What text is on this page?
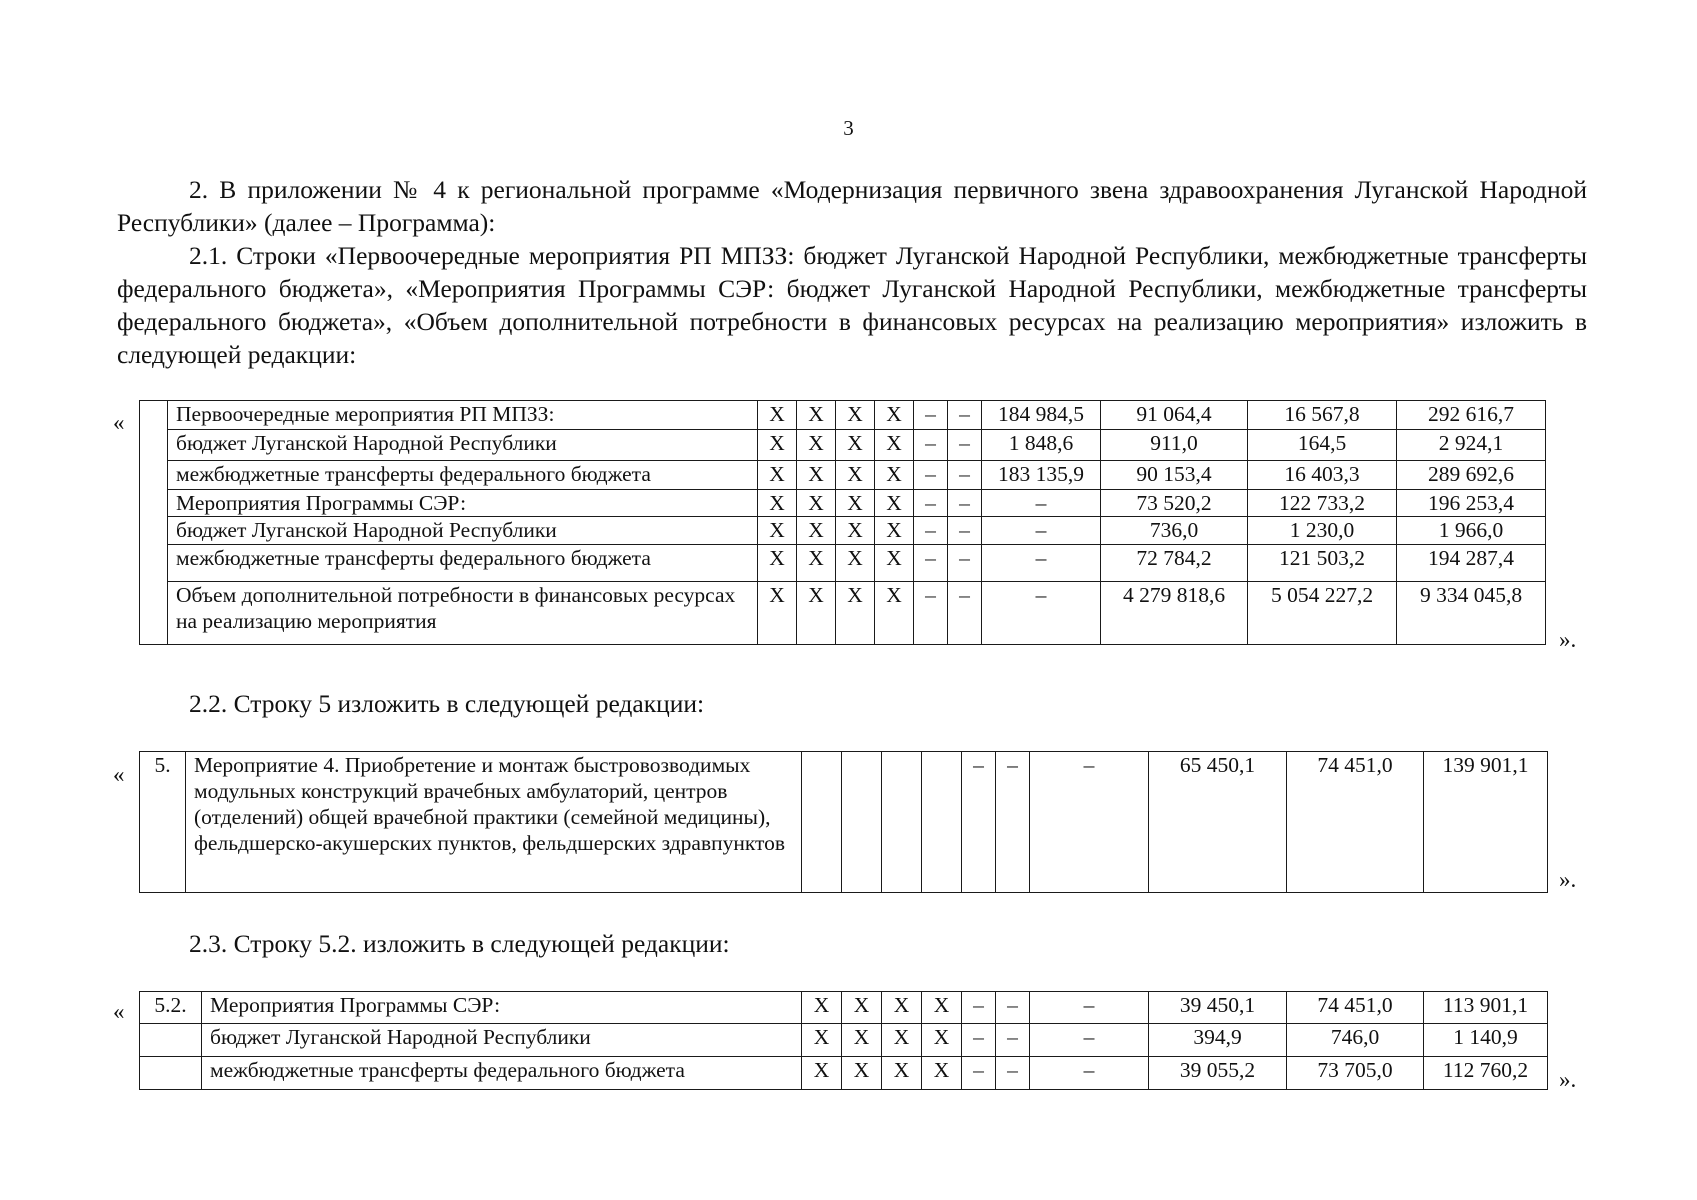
3

2. В приложении № 4 к региональной программе «Модернизация первичного звена здравоохранения Луганской Народной Республики» (далее – Программа):

2.1. Строки «Первоочередные мероприятия РП МПЗЗ: бюджет Луганской Народной Республики, межбюджетные трансферты федерального бюджета», «Мероприятия Программы СЭР: бюджет Луганской Народной Республики, межбюджетные трансферты федерального бюджета», «Объем дополнительной потребности в финансовых ресурсах на реализацию мероприятия» изложить в следующей редакции:

«
	Первоочередные мероприятия РП МПЗЗ:	Х	Х	Х	Х	–	–	184 984,5	91 064,4	16 567,8	292 616,7
	бюджет Луганской Народной Республики	Х	Х	Х	Х	–	–	1 848,6	911,0	164,5	2 924,1
	межбюджетные трансферты федерального бюджета	Х	Х	Х	Х	–	–	183 135,9	90 153,4	16 403,3	289 692,6
	Мероприятия Программы СЭР:	Х	Х	Х	Х	–	–	–	73 520,2	122 733,2	196 253,4
	бюджет Луганской Народной Республики	Х	Х	Х	Х	–	–	–	736,0	1 230,0	1 966,0
	межбюджетные трансферты федерального бюджета	Х	Х	Х	Х	–	–	–	72 784,2	121 503,2	194 287,4
	Объем дополнительной потребности в финансовых ресурсах на реализацию мероприятия	Х	Х	Х	Х	–	–	–	4 279 818,6	5 054 227,2	9 334 045,8
».
2.2. Строку 5 изложить в следующей редакции:
« 5.	Мероприятие 4. Приобретение и монтаж быстровозводимых модульных конструкций врачебных амбулаторий, центров (отделений) общей врачебной практики (семейной медицины), фельдшерско-акушерских пунктов, фельдшерских здравпунктов					–	–	–	65 450,1	74 451,0	139 901,1
».
2.3. Строку 5.2. изложить в следующей редакции:
« 5.2.	Мероприятия Программы СЭР:	Х	Х	Х	Х	–	–	–	39 450,1	74 451,0	113 901,1
	бюджет Луганской Народной Республики	Х	Х	Х	Х	–	–	–	394,9	746,0	1 140,9
	межбюджетные трансферты федерального бюджета	Х	Х	Х	Х	–	–	–	39 055,2	73 705,0	112 760,2 ».
